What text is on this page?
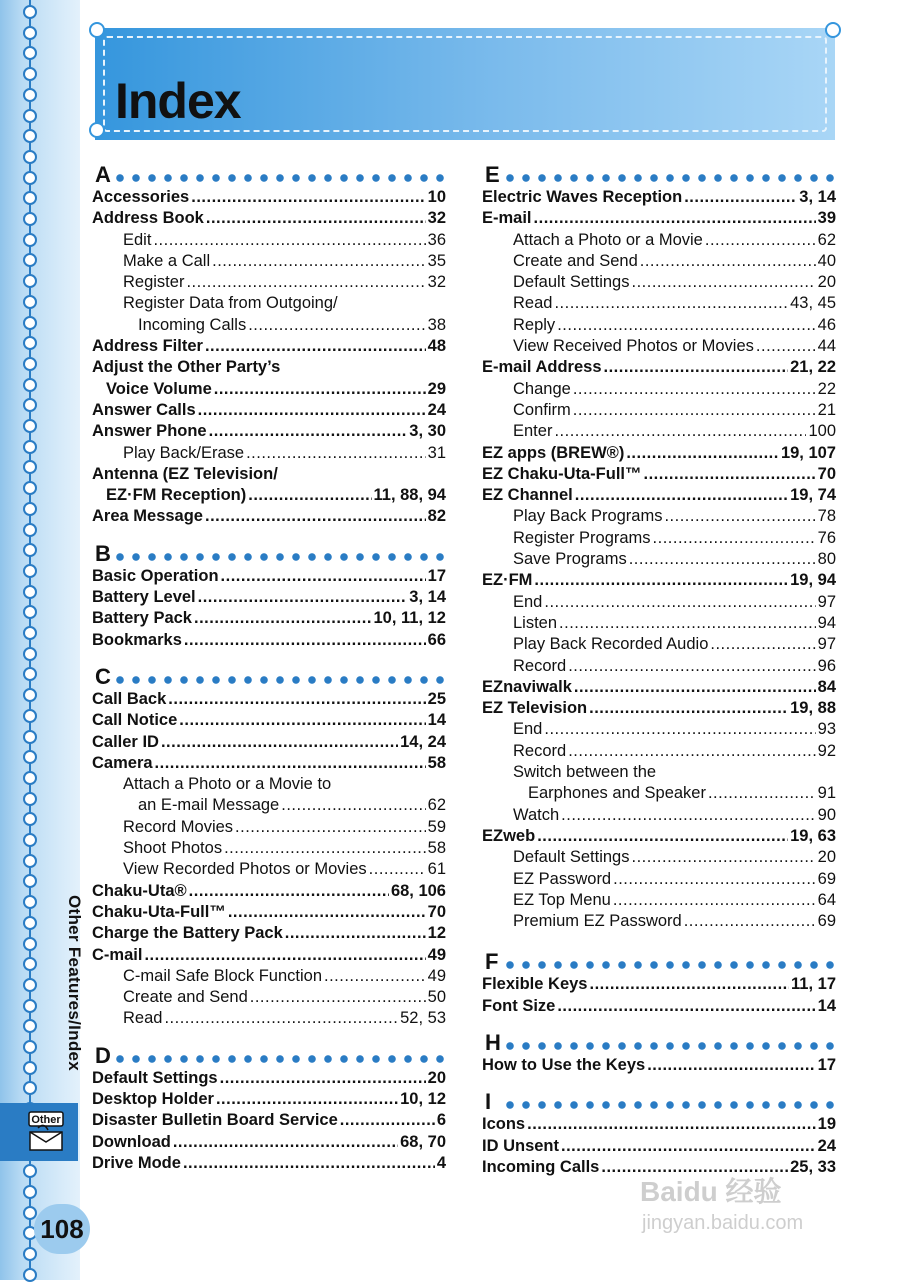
Other Features/Index
Other
108
Index
A
Accessories .....	10
Address Book .....	32
Edit .....	36
Make a Call .....	35
Register .....	32
Register Data from Outgoing/
Incoming Calls .....	38
Address Filter .....	48
Adjust the Other Party’s
Voice Volume .....	29
Answer Calls .....	24
Answer Phone .....	3, 30
Play Back/Erase .....	31
Antenna (EZ Television/
EZ·FM Reception) .....	11, 88, 94
Area Message .....	82
B
Basic Operation .....	17
Battery Level .....	3, 14
Battery Pack .....	10, 11, 12
Bookmarks .....	66
C
Call Back .....	25
Call Notice .....	14
Caller ID .....	14, 24
Camera .....	58
Attach a Photo or a Movie to
an E-mail Message .....	62
Record Movies .....	59
Shoot Photos .....	58
View Recorded Photos or Movies .....	61
Chaku-Uta® .....	68, 106
Chaku-Uta-Full™ .....	70
Charge the Battery Pack .....	12
C-mail .....	49
C-mail Safe Block Function .....	49
Create and Send .....	50
Read .....	52, 53
D
Default Settings .....	20
Desktop Holder .....	10, 12
Disaster Bulletin Board Service .....	6
Download .....	68, 70
Drive Mode .....	4
E
Electric Waves Reception .....	3, 14
E-mail .....	39
Attach a Photo or a Movie .....	62
Create and Send .....	40
Default Settings .....	20
Read .....	43, 45
Reply .....	46
View Received Photos or Movies .....	44
E-mail Address .....	21, 22
Change .....	22
Confirm .....	21
Enter .....	100
EZ apps (BREW®) .....	19, 107
EZ Chaku-Uta-Full™ .....	70
EZ Channel .....	19, 74
Play Back Programs .....	78
Register Programs .....	76
Save Programs .....	80
EZ·FM .....	19, 94
End .....	97
Listen .....	94
Play Back Recorded Audio .....	97
Record .....	96
EZnaviwalk .....	84
EZ Television .....	19, 88
End .....	93
Record .....	92
Switch between the
Earphones and Speaker .....	91
Watch .....	90
EZweb .....	19, 63
Default Settings .....	20
EZ Password .....	69
EZ Top Menu .....	64
Premium EZ Password .....	69
F
Flexible Keys .....	11, 17
Font Size .....	14
H
How to Use the Keys .....	17
I
Icons .....	19
ID Unsent .....	24
Incoming Calls .....	25, 33
Baidu 经验
jingyan.baidu.com
